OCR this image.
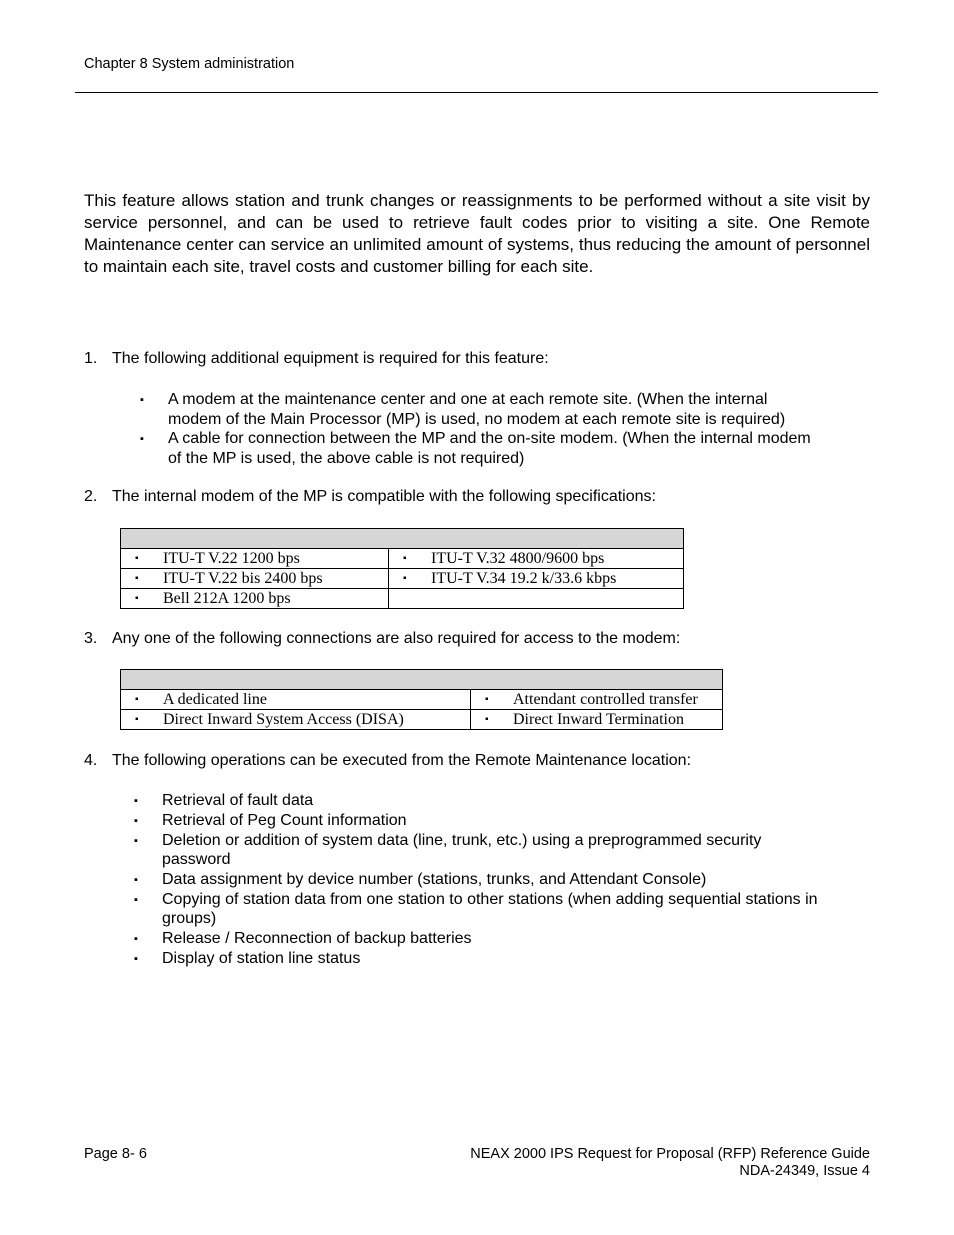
Chapter 8 System administration
This feature allows station and trunk changes or reassignments to be performed without a site visit by service personnel, and can be used to retrieve fault codes prior to visiting a site. One Remote Maintenance center can service an unlimited amount of systems, thus reducing the amount of personnel to maintain each site, travel costs and customer billing for each site.
1. The following additional equipment is required for this feature:
▪ A modem at the maintenance center and one at each remote site. (When the internal
modem of the Main Processor (MP) is used, no modem at each remote site is required)
▪ A cable for connection between the MP and the on-site modem. (When the internal modem
of the MP is used, the above cable is not required)
2. The internal modem of the MP is compatible with the following specifications:

▪ ITU-T V.22 1200 bps	▪ ITU-T V.32 4800/9600 bps

▪ ITU-T V.22 bis 2400 bps	▪ ITU-T V.34 19.2 k/33.6 kbps

▪ Bell 212A 1200 bps	

3. Any one of the following connections are also required for access to the modem:

▪ A dedicated line	▪ Attendant controlled transfer

▪ Direct Inward System Access (DISA)	▪ Direct Inward Termination
4. The following operations can be executed from the Remote Maintenance location:
▪ Retrieval of fault data
▪ Retrieval of Peg Count information
▪ Deletion or addition of system data (line, trunk, etc.) using a preprogrammed security
password
▪ Data assignment by device number (stations, trunks, and Attendant Console)
▪ Copying of station data from one station to other stations (when adding sequential stations in
groups)
▪ Release / Reconnection of backup batteries
▪ Display of station line status
Page 8- 6	NEAX 2000 IPS Request for Proposal (RFP) Reference Guide
NDA-24349, Issue 4
